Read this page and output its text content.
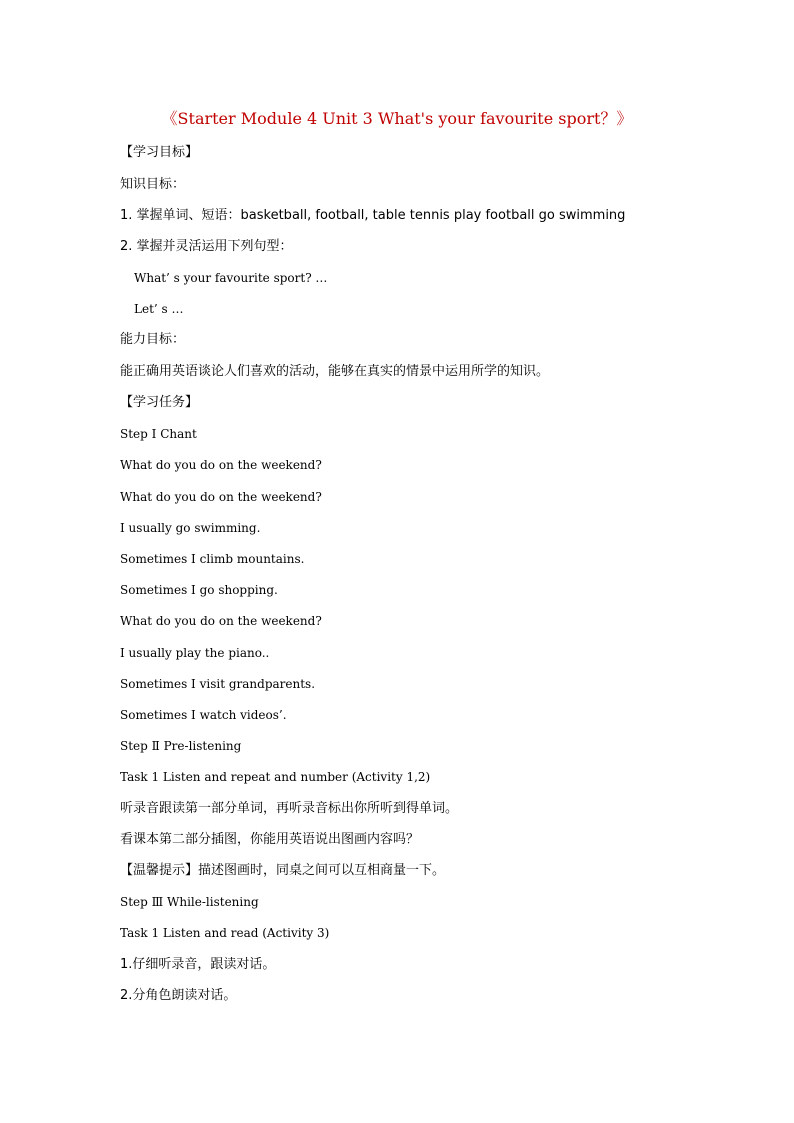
《Starter Module 4 Unit 3 What's your favourite sport？》
【学习目标】
知识目标：
1. 掌握单词、短语：basketball, football, table tennis play football go swimming
2. 掌握并灵活运用下列句型：
What’ s your favourite sport? …
Let’ s …
能力目标：
能正确用英语谈论人们喜欢的活动，能够在真实的情景中运用所学的知识。
【学习任务】
Step Ⅰ Chant
What do you do on the weekend?
What do you do on the weekend?
I usually go swimming.
Sometimes I climb mountains.
Sometimes I go shopping.
What do you do on the weekend?
I usually play the piano..
Sometimes I visit grandparents.
Sometimes I watch videos’.
Step Ⅱ Pre-listening
Task 1 Listen and repeat and number (Activity 1,2)
听录音跟读第一部分单词，再听录音标出你所听到得单词。
看课本第二部分插图，你能用英语说出图画内容吗？
【温馨提示】描述图画时，同桌之间可以互相商量一下。
Step Ⅲ While-listening
Task 1 Listen and read (Activity 3)
1.仔细听录音，跟读对话。
2.分角色朗读对话。
